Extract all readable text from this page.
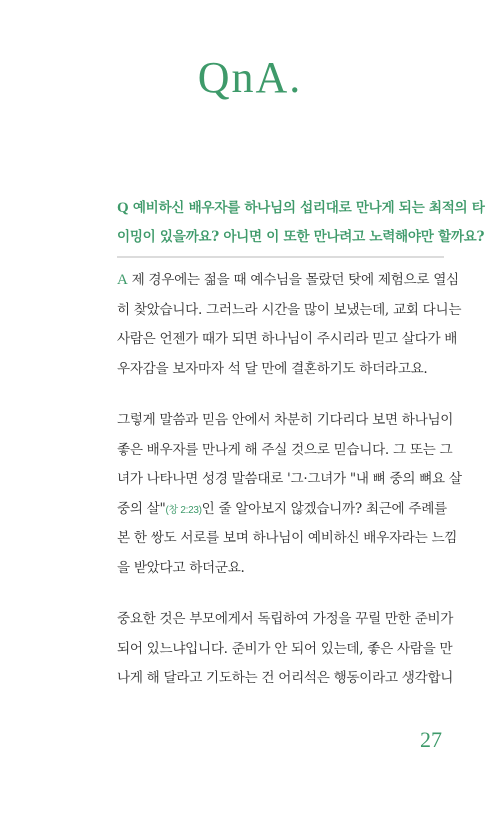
QnA.
Q 예비하신 배우자를 하나님의 섭리대로 만나게 되는 최적의 타
이밍이 있을까요? 아니면 이 또한 만나려고 노력해야만 할까요?
A 제 경우에는 젊을 때 예수님을 몰랐던 탓에 제험으로 열심
히 찾았습니다. 그러느라 시간을 많이 보냈는데, 교회 다니는
사람은 언젠가 때가 되면 하나님이 주시리라 믿고 살다가 배
우자감을 보자마자 석 달 만에 결혼하기도 하더라고요.
그렇게 말씀과 믿음 안에서 차분히 기다리다 보면 하나님이
좋은 배우자를 만나게 해 주실 것으로 믿습니다. 그 또는 그
녀가 나타나면 성경 말씀대로 '그·그녀가 "내 뼈 중의 뼈요 살
중의 살"(창 2:23)인 줄 알아보지 않겠습니까? 최근에 주례를
본 한 쌍도 서로를 보며 하나님이 예비하신 배우자라는 느낌
을 받았다고 하더군요.
중요한 것은 부모에게서 독립하여 가정을 꾸릴 만한 준비가
되어 있느냐입니다. 준비가 안 되어 있는데, 좋은 사람을 만
나게 해 달라고 기도하는 건 어리석은 행동이라고 생각합니
27
